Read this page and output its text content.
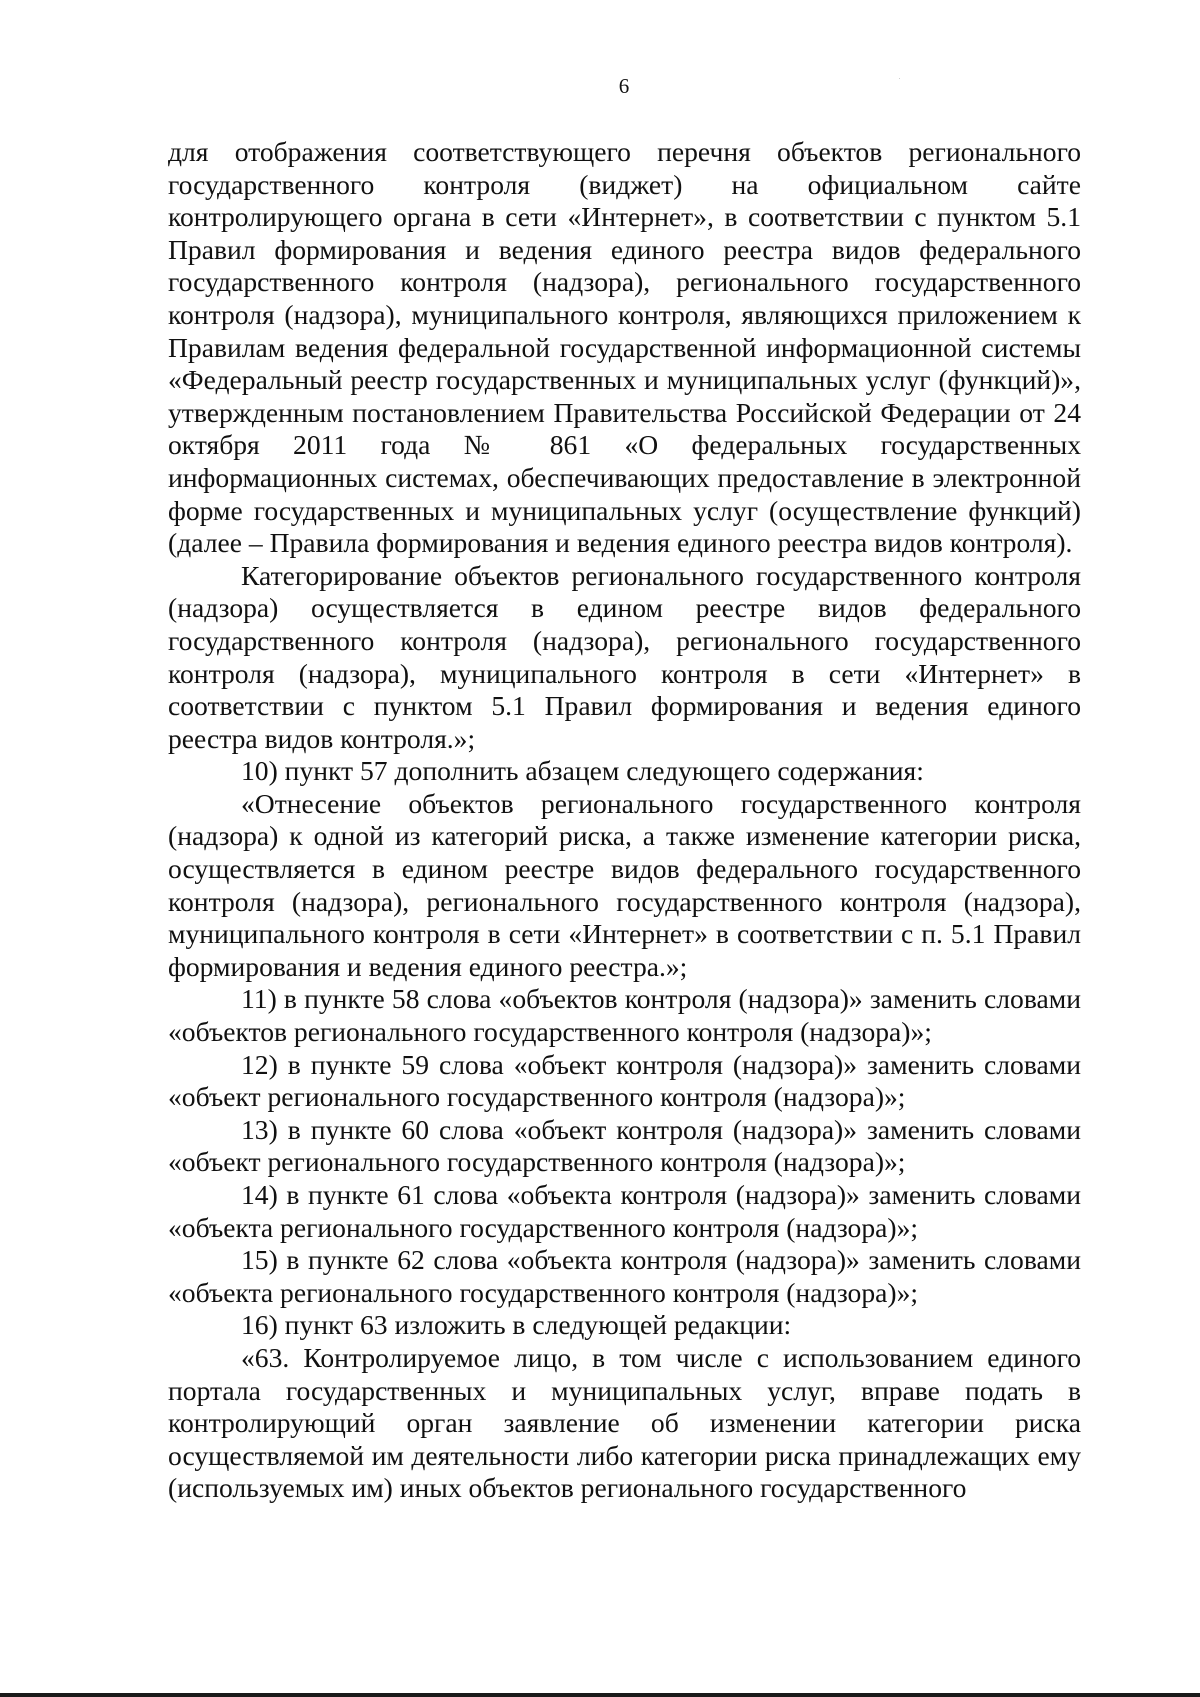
6

для отображения соответствующего перечня объектов регионального государственного контроля (виджет) на официальном сайте контролирующего органа в сети «Интернет», в соответствии с пунктом 5.1 Правил формирования и ведения единого реестра видов федерального государственного контроля (надзора), регионального государственного контроля (надзора), муниципального контроля, являющихся приложением к Правилам ведения федеральной государственной информационной системы «Федеральный реестр государственных и муниципальных услуг (функций)», утвержденным постановлением Правительства Российской Федерации от 24 октября 2011 года № 861 «О федеральных государственных информационных системах, обеспечивающих предоставление в электронной форме государственных и муниципальных услуг (осуществление функций) (далее – Правила формирования и ведения единого реестра видов контроля).

Категорирование объектов регионального государственного контроля (надзора) осуществляется в едином реестре видов федерального государственного контроля (надзора), регионального государственного контроля (надзора), муниципального контроля в сети «Интернет» в соответствии с пунктом 5.1 Правил формирования и ведения единого реестра видов контроля.»;

10) пункт 57 дополнить абзацем следующего содержания:

«Отнесение объектов регионального государственного контроля (надзора) к одной из категорий риска, а также изменение категории риска, осуществляется в едином реестре видов федерального государственного контроля (надзора), регионального государственного контроля (надзора), муниципального контроля в сети «Интернет» в соответствии с п. 5.1 Правил формирования и ведения единого реестра.»;

11) в пункте 58 слова «объектов контроля (надзора)» заменить словами «объектов регионального государственного контроля (надзора)»;

12) в пункте 59 слова «объект контроля (надзора)» заменить словами «объект регионального государственного контроля (надзора)»;

13) в пункте 60 слова «объект контроля (надзора)» заменить словами «объект регионального государственного контроля (надзора)»;

14) в пункте 61 слова «объекта контроля (надзора)» заменить словами «объекта регионального государственного контроля (надзора)»;

15) в пункте 62 слова «объекта контроля (надзора)» заменить словами «объекта регионального государственного контроля (надзора)»;

16) пункт 63 изложить в следующей редакции:

«63. Контролируемое лицо, в том числе с использованием единого портала государственных и муниципальных услуг, вправе подать в контролирующий орган заявление об изменении категории риска осуществляемой им деятельности либо категории риска принадлежащих ему (используемых им) иных объектов регионального государственного
